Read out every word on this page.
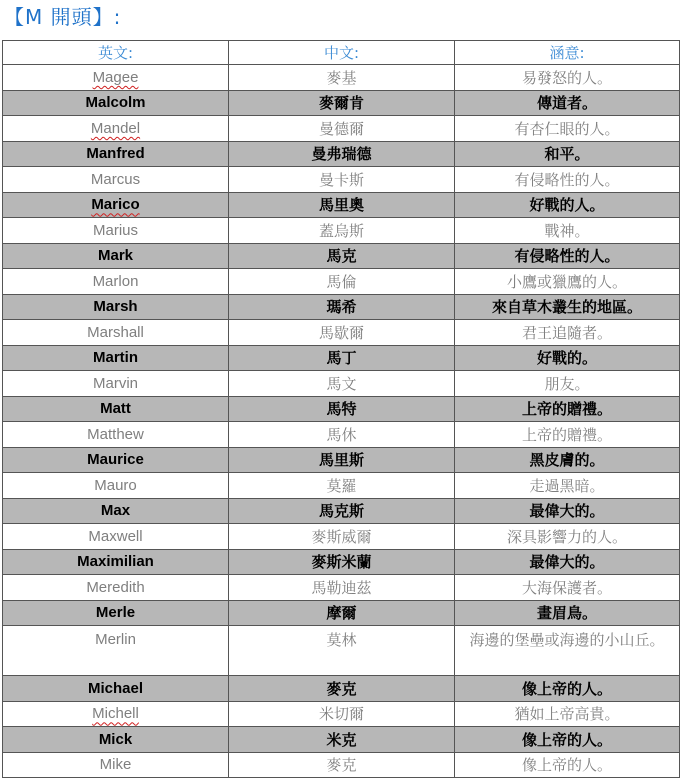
【M 開頭】:
英文:	中文:	涵意:
Magee	麥基	易發怒的人。
Malcolm	麥爾肯	傳道者。
Mandel	曼德爾	有杏仁眼的人。
Manfred	曼弗瑞德	和平。
Marcus	曼卡斯	有侵略性的人。
Marico	馬里奧	好戰的人。
Marius	蓋烏斯	戰神。
Mark	馬克	有侵略性的人。
Marlon	馬倫	小鷹或獵鷹的人。
Marsh	瑪希	來自草木叢生的地區。
Marshall	馬歇爾	君王追隨者。
Martin	馬丁	好戰的。
Marvin	馬文	朋友。
Matt	馬特	上帝的贈禮。
Matthew	馬休	上帝的贈禮。
Maurice	馬里斯	黑皮膚的。
Mauro	莫羅	走過黑暗。
Max	馬克斯	最偉大的。
Maxwell	麥斯威爾	深具影響力的人。
Maximilian	麥斯米蘭	最偉大的。
Meredith	馬勒迪茲	大海保護者。
Merle	摩爾	畫眉鳥。
Merlin	莫林	海邊的堡壘或海邊的小山丘。
Michael	麥克	像上帝的人。
Michell	米切爾	猶如上帝高貴。
Mick	米克	像上帝的人。
Mike	麥克	像上帝的人。
